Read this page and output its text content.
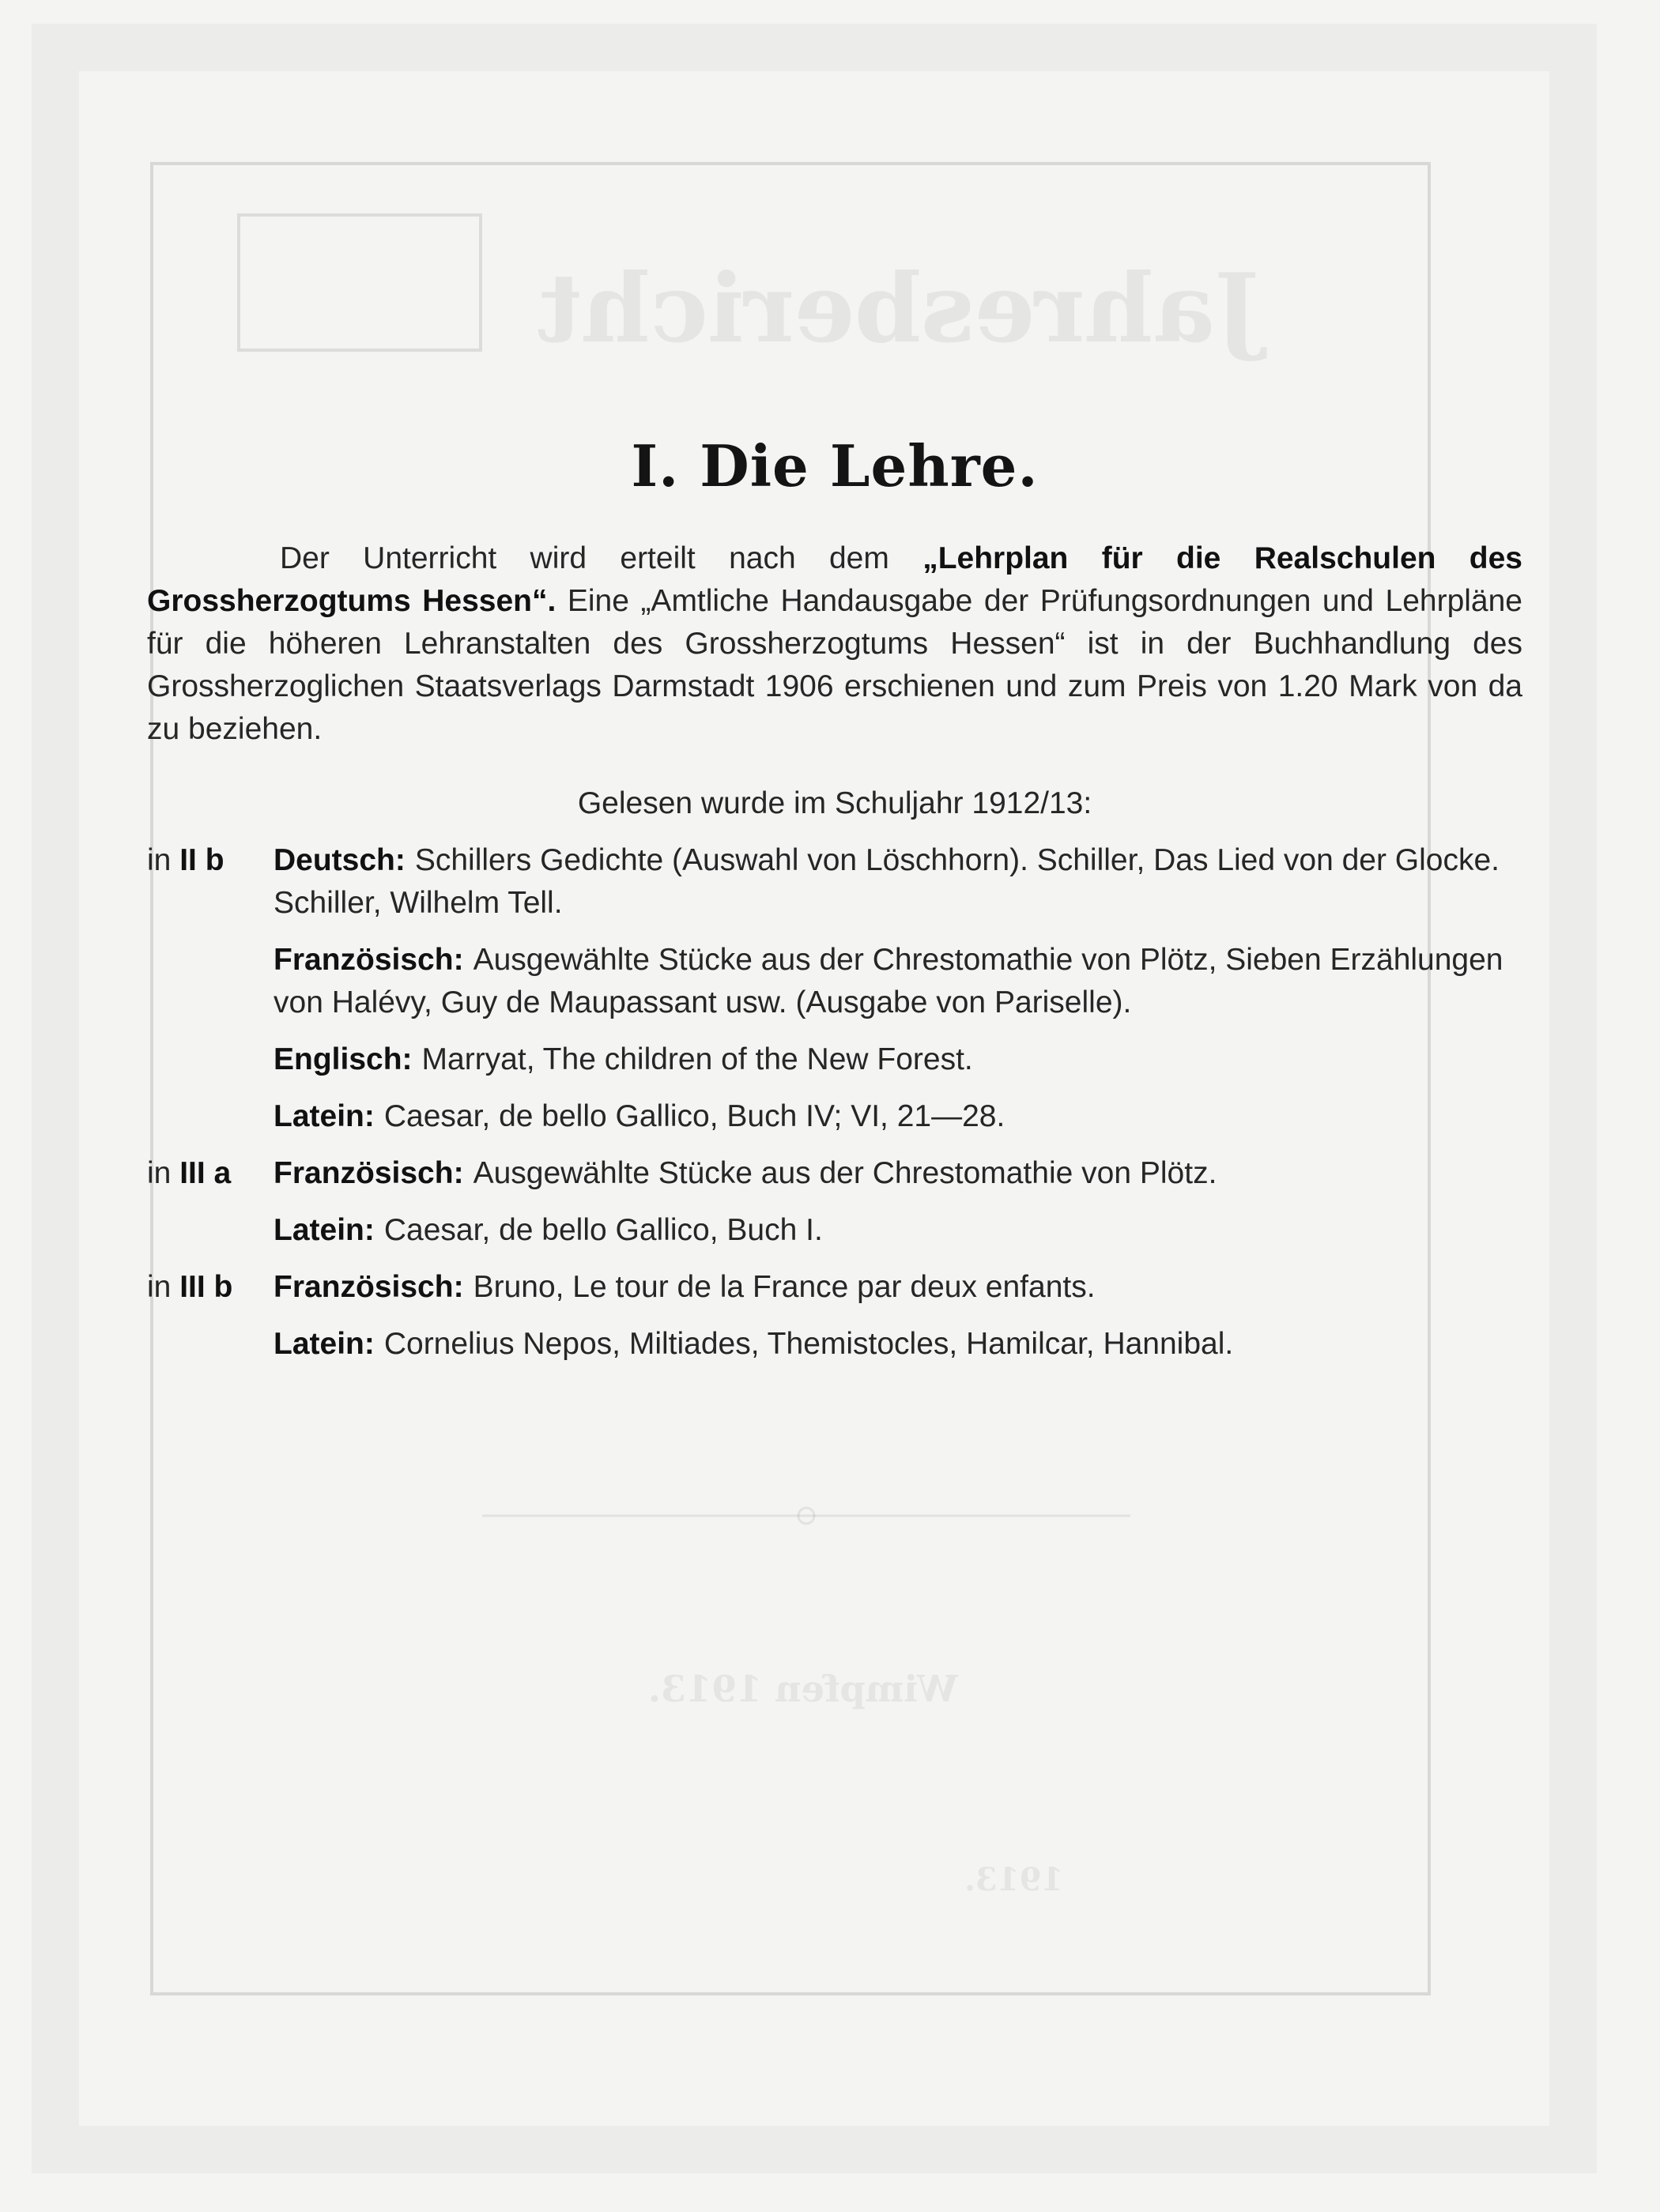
Jahresbericht
Wimpfen 1913.
1913.
I. Die Lehre.

Der Unterricht wird erteilt nach dem „Lehrplan für die Realschulen des Grossherzogtums Hessen“. Eine „Amtliche Handausgabe der Prüfungsordnungen und Lehrpläne für die höheren Lehranstalten des Grossherzogtums Hessen“ ist in der Buchhandlung des Grossherzoglichen Staatsverlags Darmstadt 1906 erschienen und zum Preis von 1.20 Mark von da zu beziehen.

Gelesen wurde im Schuljahr 1912/13:
in II b	Deutsch: Schillers Gedichte (Auswahl von Löschhorn). Schiller, Das Lied von der Glocke. Schiller, Wilhelm Tell.
Französisch: Ausgewählte Stücke aus der Chrestomathie von Plötz, Sieben Erzählungen von Halévy, Guy de Maupassant usw. (Ausgabe von Pariselle).
Englisch: Marryat, The children of the New Forest.
Latein: Caesar, de bello Gallico, Buch IV; VI, 21—28.
in III a	Französisch: Ausgewählte Stücke aus der Chrestomathie von Plötz.
Latein: Caesar, de bello Gallico, Buch I.
in III b	Französisch: Bruno, Le tour de la France par deux enfants.
Latein: Cornelius Nepos, Miltiades, Themistocles, Hamilcar, Hannibal.
